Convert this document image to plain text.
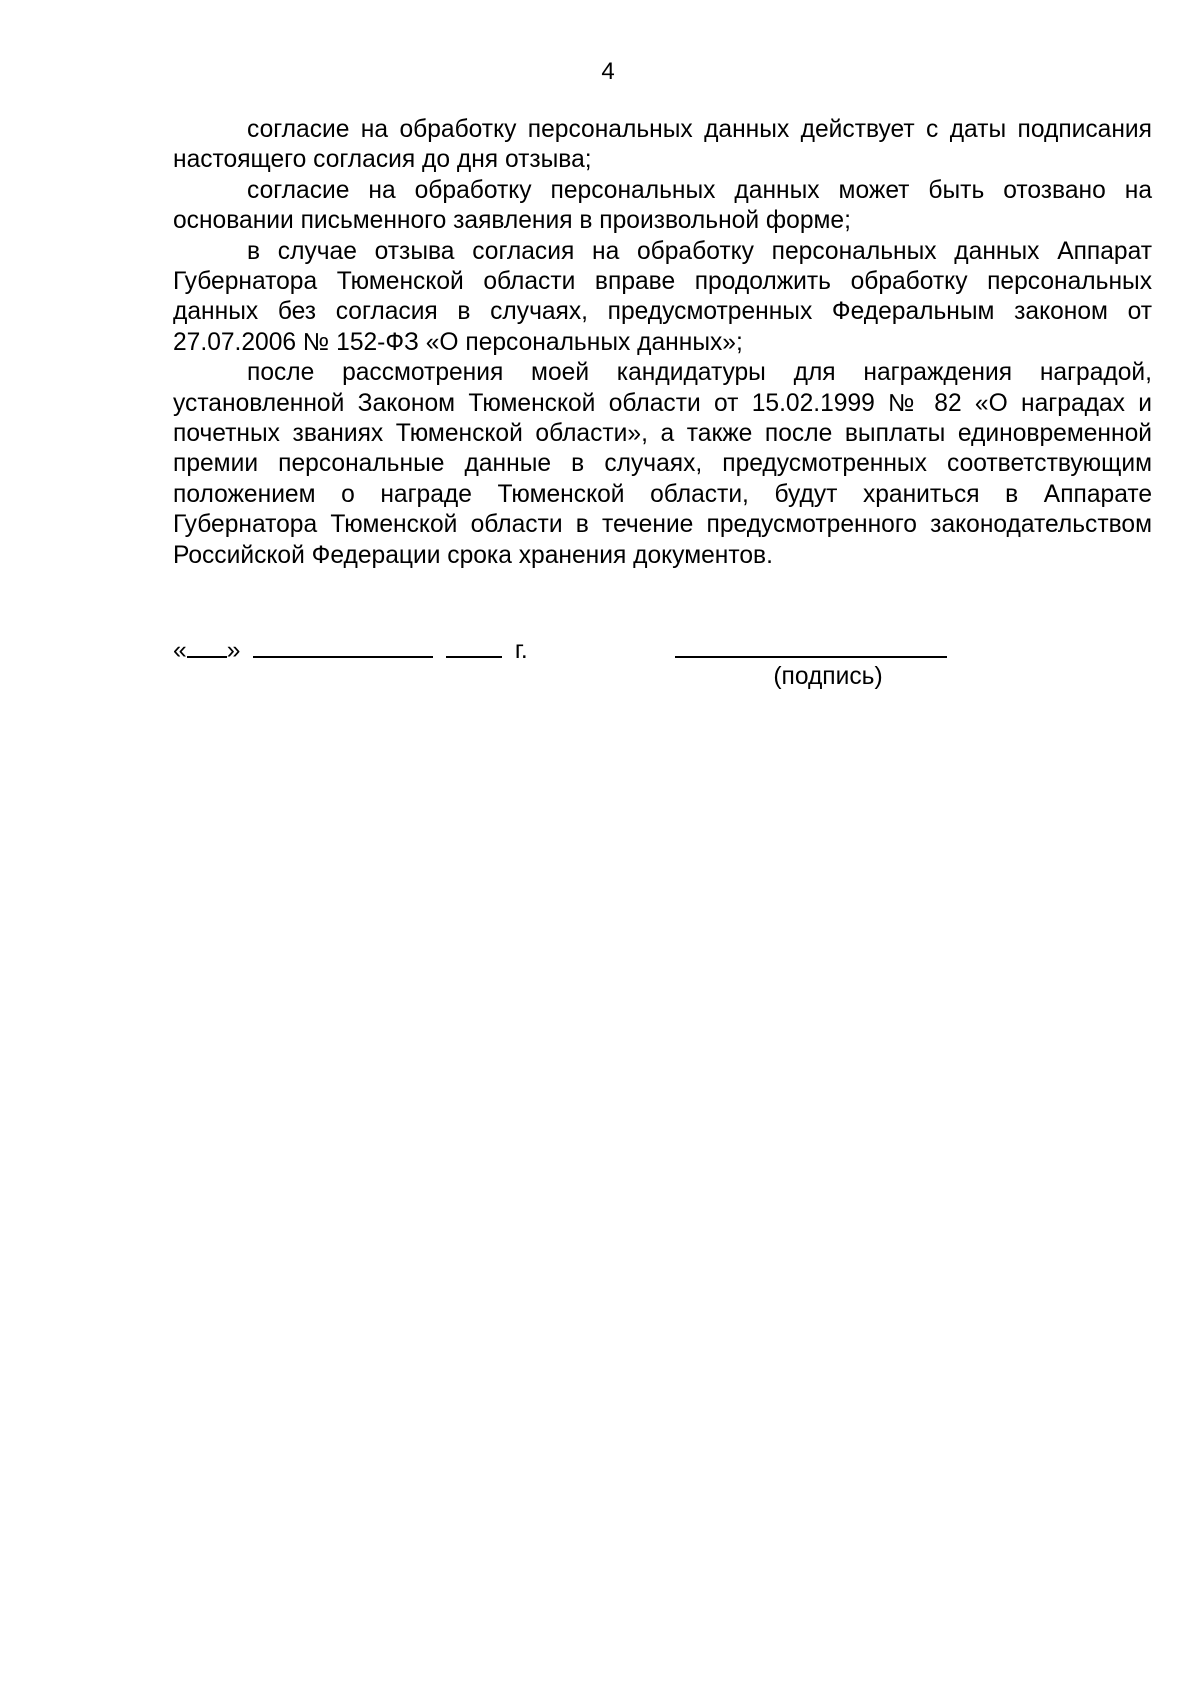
4

согласие на обработку персональных данных действует с даты подписания настоящего согласия до дня отзыва;

согласие на обработку персональных данных может быть отозвано на основании письменного заявления в произвольной форме;

в случае отзыва согласия на обработку персональных данных Аппарат Губернатора Тюменской области вправе продолжить обработку персональных данных без согласия в случаях, предусмотренных Федеральным законом от 27.07.2006 № 152-ФЗ «О персональных данных»;

после рассмотрения моей кандидатуры для награждения наградой, установленной Законом Тюменской области от 15.02.1999 № 82 «О наградах и почетных званиях Тюменской области», а также после выплаты единовременной премии персональные данные в случаях, предусмотренных соответствующим положением о награде Тюменской области, будут храниться в Аппарате Губернатора Тюменской области в течение предусмотренного законодательством Российской Федерации срока хранения документов.

« »	г.
(подпись)
